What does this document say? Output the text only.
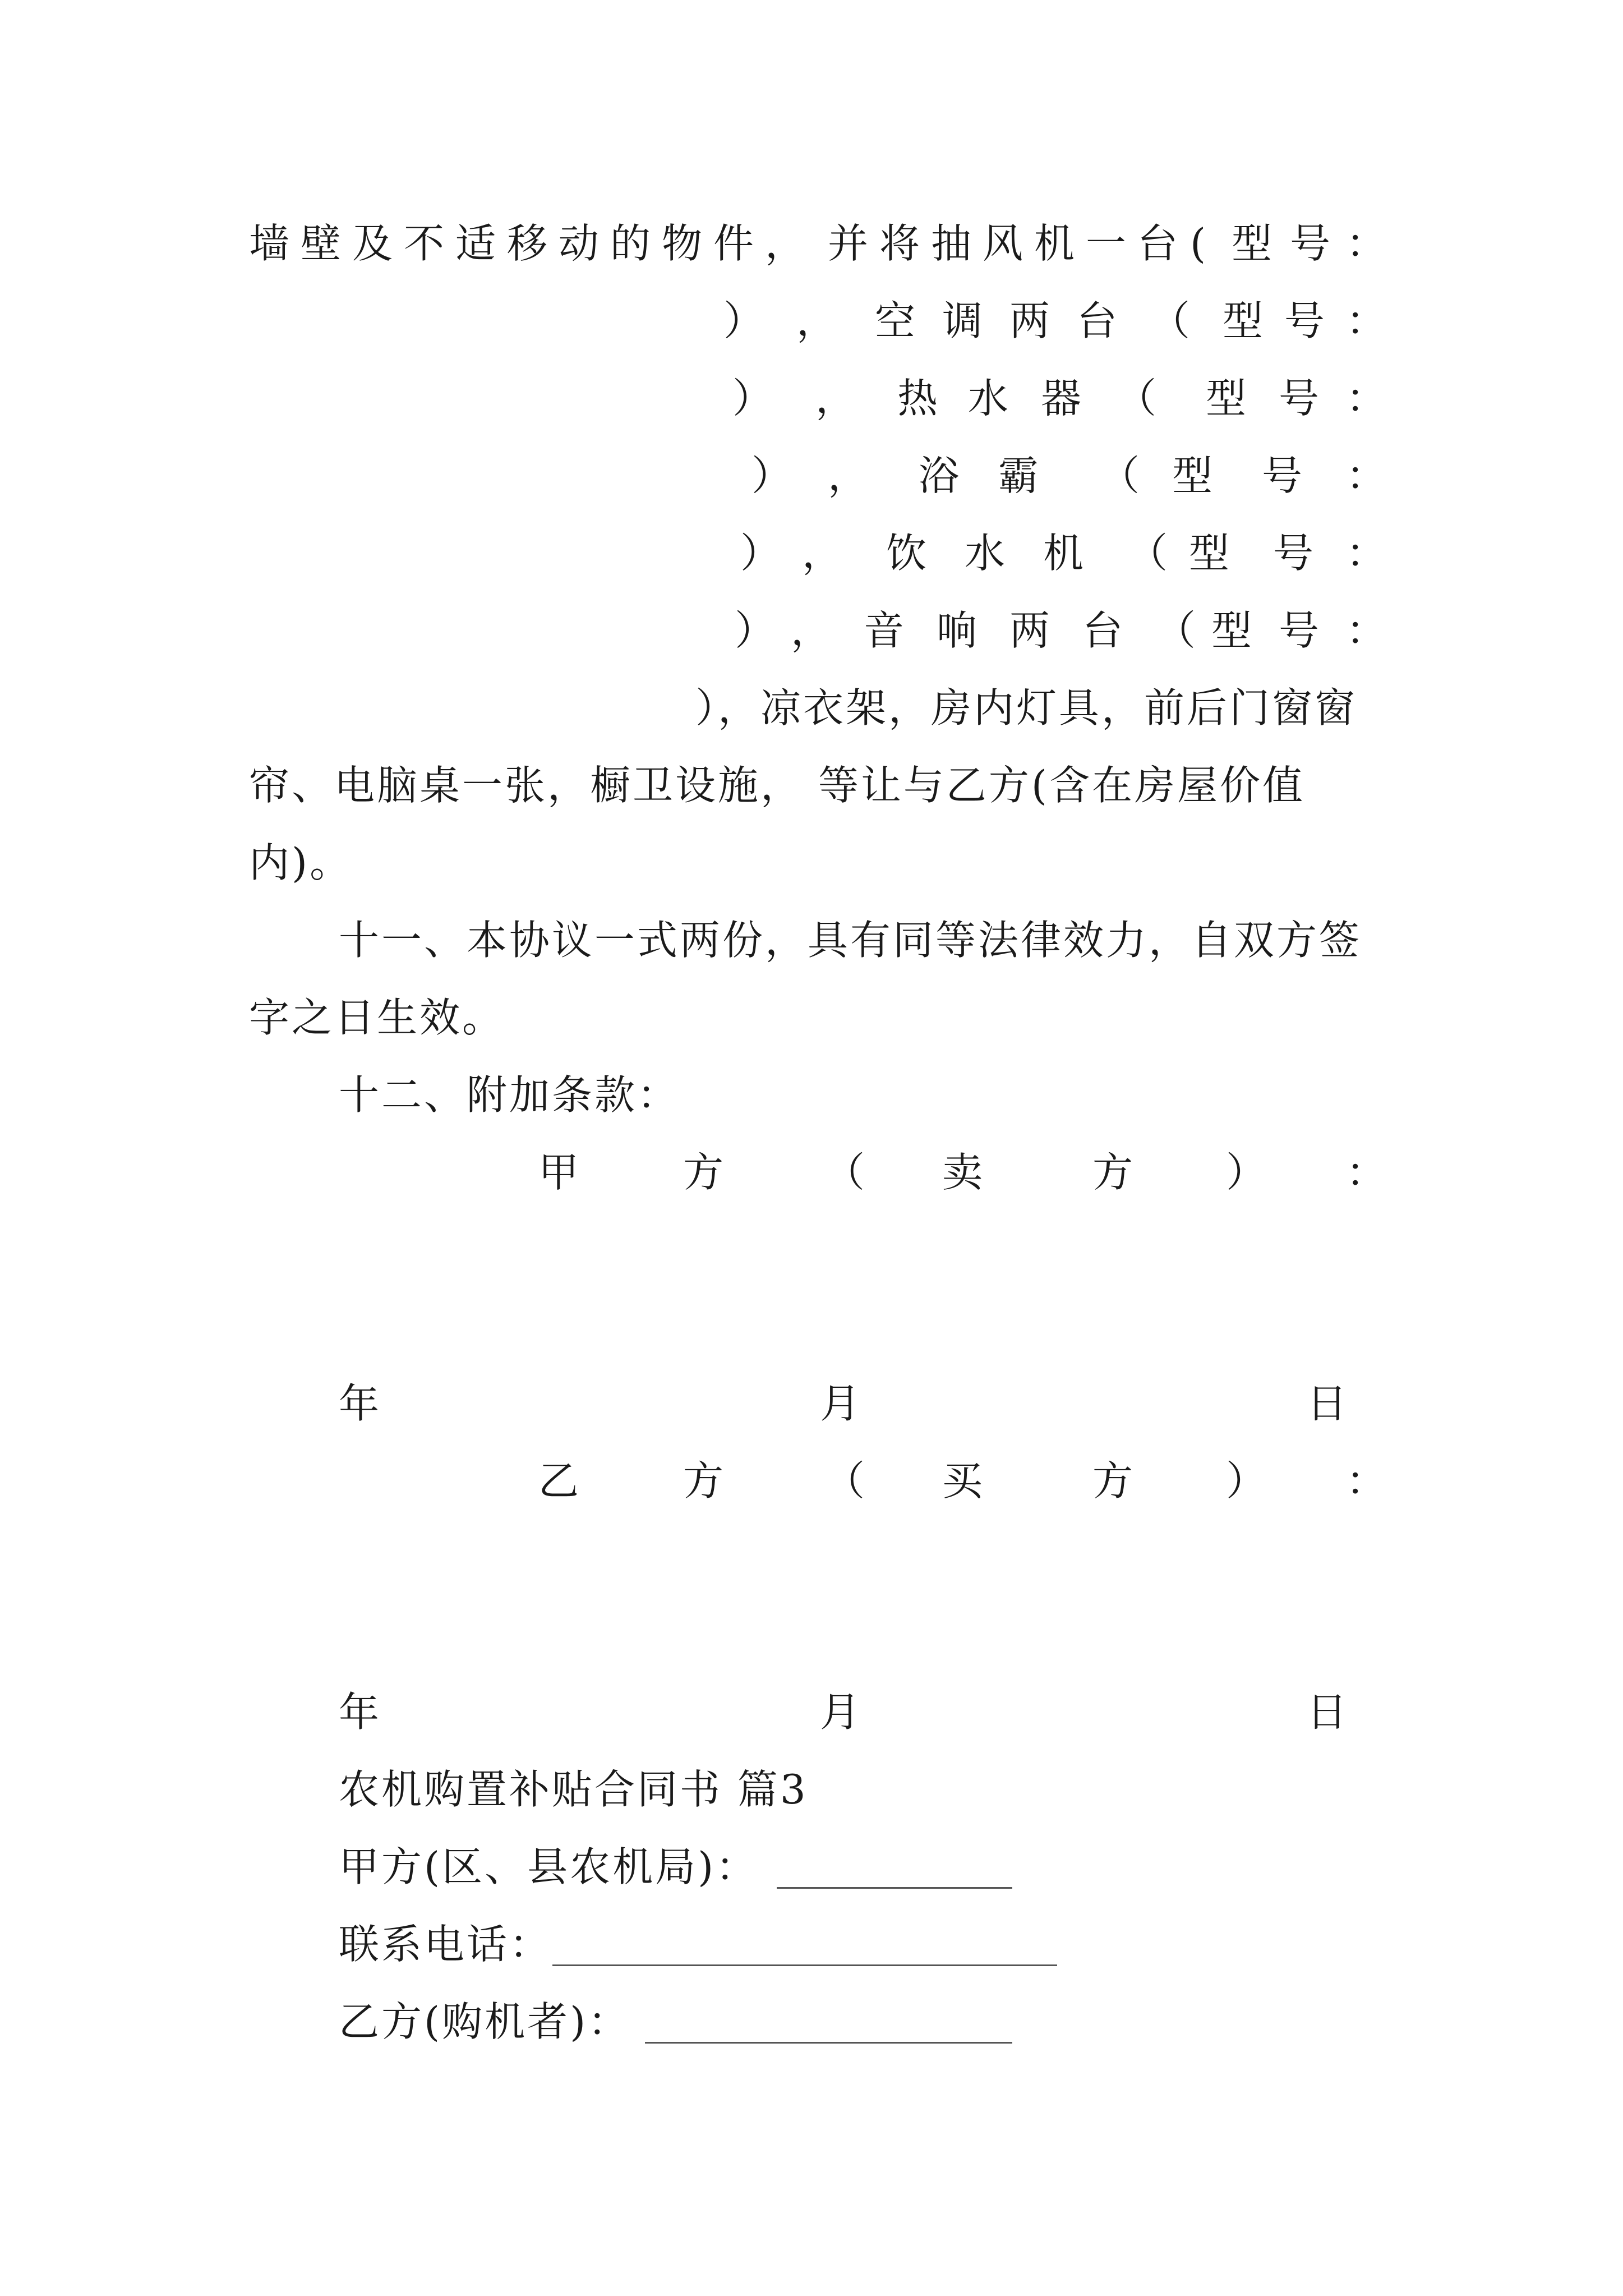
墙 壁 及 不 适 移 动 的 物 件 ， 并 将 抽 风 机 一 台 ( 型 号 ：
） ， 空 调 两 台 （ 型 号 ：
） ， 热 水 器 （ 型 号 ：
） ， 浴 霸 （ 型 号 ：
） ， 饮 水 机 （ 型 号 ：
） ， 音 响 两 台 （ 型 号 ：
），凉衣架，房内灯具，前后门窗窗
帘、电脑桌一张，橱卫设施， 等让与乙方(含在房屋价值
内)。
十一、本协议一式两份，具有同等法律效力，自双方签
字之日生效。
十二、附加条款：
甲	方 （ 卖	方 ） ：
年	月	日
乙	方 （ 买	方 ） ：
年	月	日
农机购置补贴合同书 篇3
甲方(区、县农机局)：
联系电话：
乙方(购机者)：
